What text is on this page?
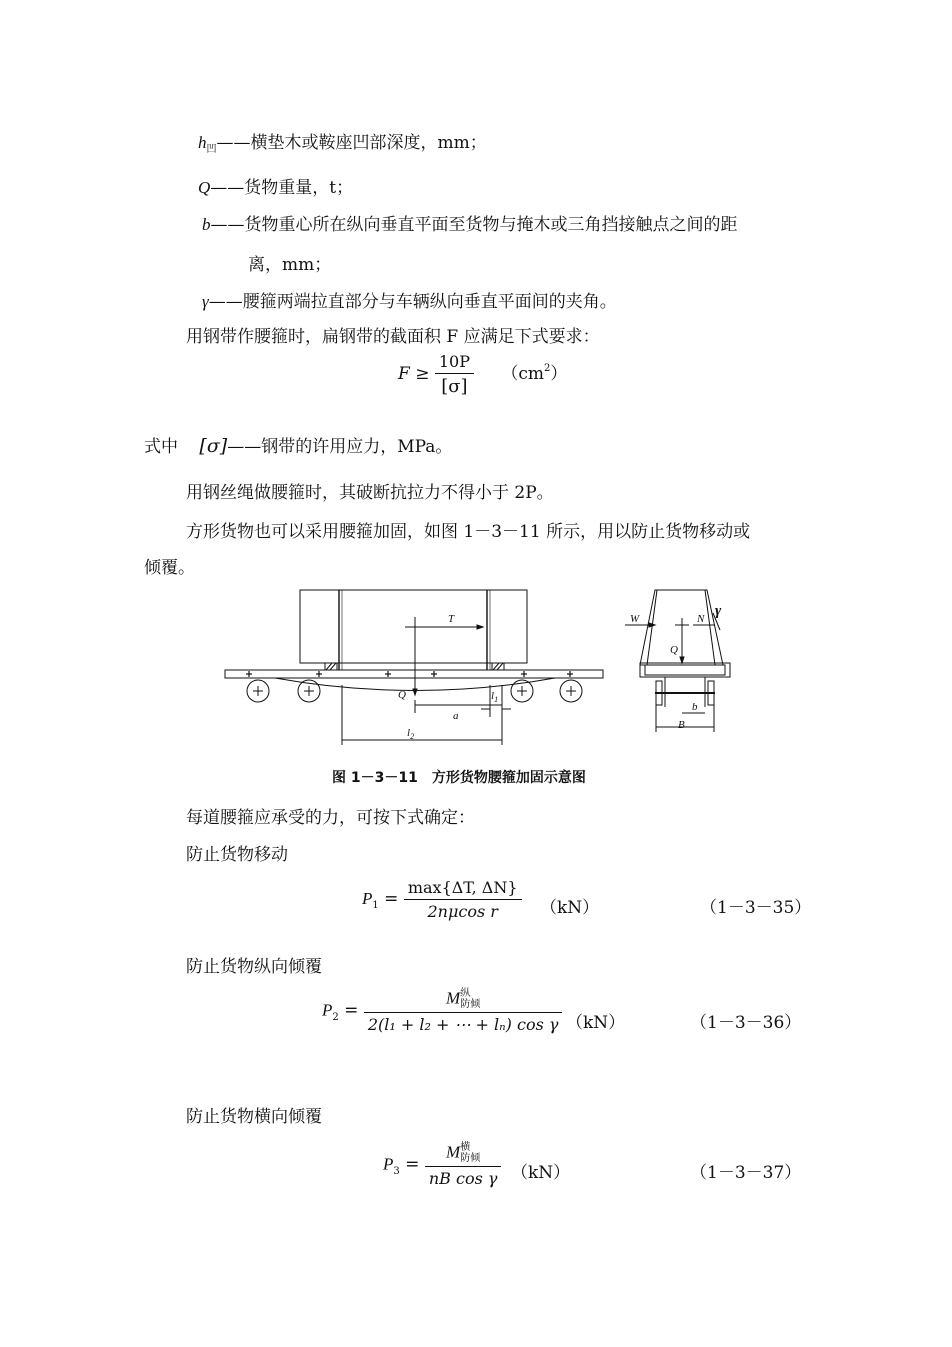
$h_凹——$横垫木或鞍座凹部深度，mm；
Q——货物重量，t；
b——货物重心所在纵向垂直平面至货物与掩木或三角挡接触点之间的距
离，mm；
γ——腰箍两端拉直部分与车辆纵向垂直平面间的夹角。
用钢带作腰箍时，扁钢带的截面积 F 应满足下式要求：
$F \ge \frac{10P}{[\sigma]} (cm^2)$
式中 [σ]——钢带的许用应力，MPa。
用钢丝绳做腰箍时，其破断抗拉力不得小于 2P。
方形货物也可以采用腰箍加固，如图 1－3－11 所示，用以防止货物移动或
倾覆。
T
Q	$l_1$
a
$l_2$
W	N γ
Q
b
B
图 1－3－11　方形货物腰箍加固示意图
每道腰箍应承受的力，可按下式确定：
防止货物移动
$P_1 = \frac{\max\{\Delta T, \Delta N\}}{\text{2nμcos r}} (kN)$	（1－3－35）
防止货物纵向倾覆
$P_2 = M$ 纵
防倾
2(l₁ + l₂ + ⋯ + lₙ) cos γ （kN）	（1－3－36）
防止货物横向倾覆
$P_3 = M$ 横
防倾
nB cos γ （kN）	（1－3－37）
